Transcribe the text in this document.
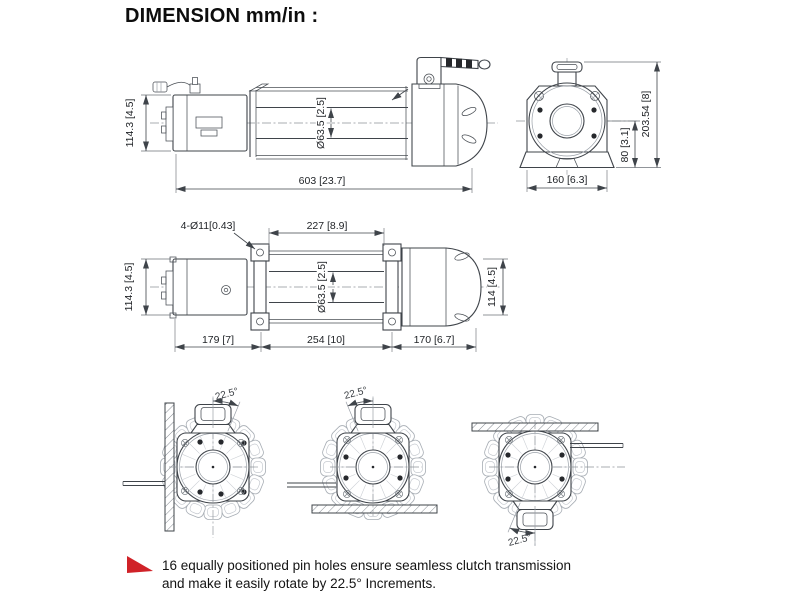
DIMENSION mm/in :
114.3 [4.5]	Ø63.5 [2.5]
603 [23.7]
203.54 [8]
80 [3.1]
160 [6.3]
4-Ø11[0.43]	227 [8.9]
114.3 [4.5]	Ø63.5 [2.5]	114 [4.5]
179 [7]	254 [10]	170 [6.7]
22.5°	22.5°
22.5°
16 equally positioned pin holes ensure seamless clutch transmission
and make it easily rotate by 22.5° Increments.
